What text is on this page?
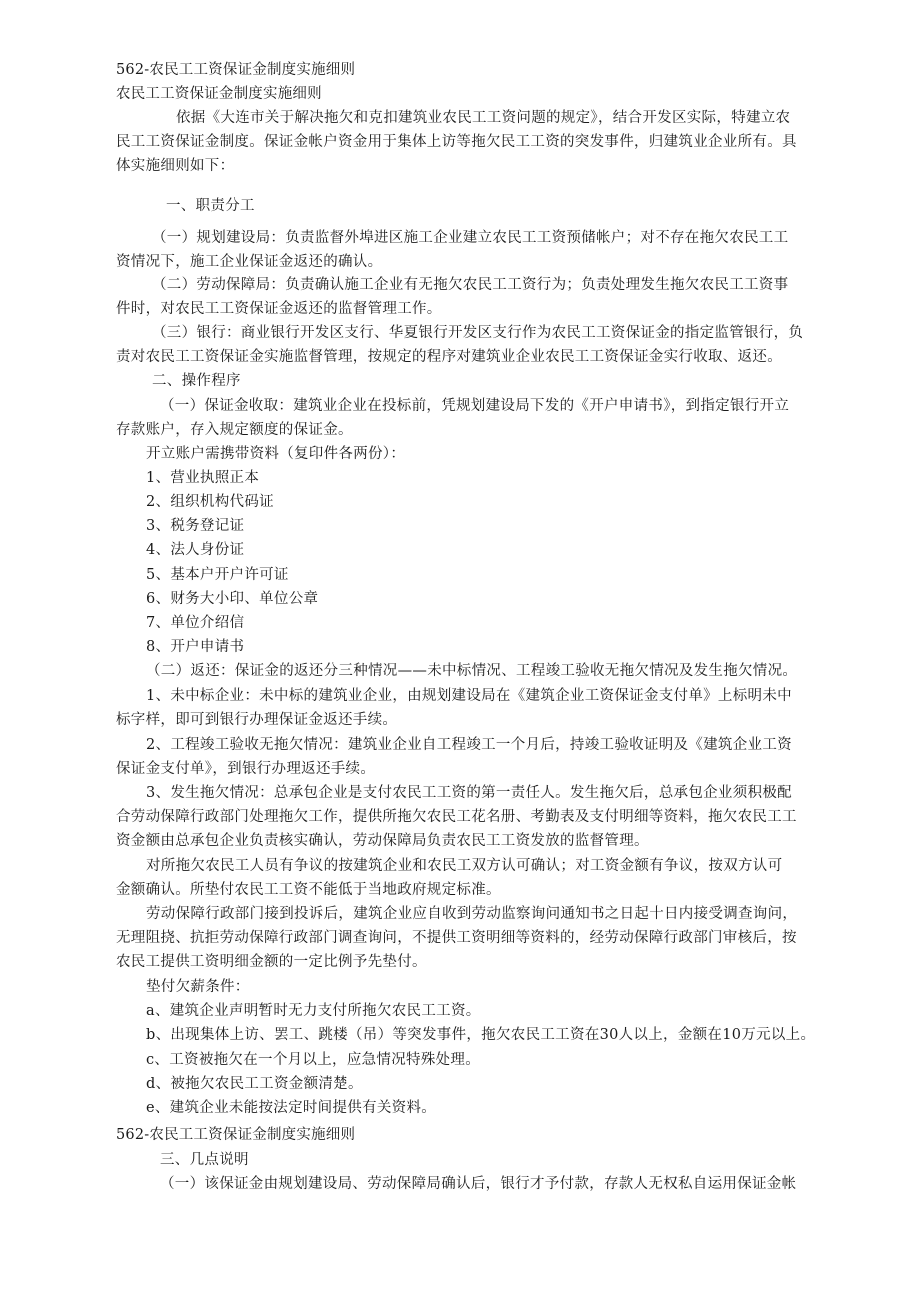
562-农民工工资保证金制度实施细则
农民工工资保证金制度实施细则
依据《大连市关于解决拖欠和克扣建筑业农民工工资问题的规定》，结合开发区实际，特建立农
民工工资保证金制度。保证金帐户资金用于集体上访等拖欠民工工资的突发事件，归建筑业企业所有。具
体实施细则如下：
一、职责分工
（一）规划建设局：负责监督外埠进区施工企业建立农民工工资预储帐户；对不存在拖欠农民工工
资情况下，施工企业保证金返还的确认。
（二）劳动保障局：负责确认施工企业有无拖欠农民工工资行为；负责处理发生拖欠农民工工资事
件时，对农民工工资保证金返还的监督管理工作。
（三）银行：商业银行开发区支行、华夏银行开发区支行作为农民工工资保证金的指定监管银行，负
责对农民工工资保证金实施监督管理，按规定的程序对建筑业企业农民工工资保证金实行收取、返还。
二、操作程序
（一）保证金收取：建筑业企业在投标前，凭规划建设局下发的《开户申请书》，到指定银行开立
存款账户，存入规定额度的保证金。
开立账户需携带资料（复印件各两份）：
1、营业执照正本
2、组织机构代码证
3、税务登记证
4、法人身份证
5、基本户开户许可证
6、财务大小印、单位公章
7、单位介绍信
8、开户申请书
（二）返还：保证金的返还分三种情况——未中标情况、工程竣工验收无拖欠情况及发生拖欠情况。
1、未中标企业：未中标的建筑业企业，由规划建设局在《建筑企业工资保证金支付单》上标明未中
标字样，即可到银行办理保证金返还手续。
2、工程竣工验收无拖欠情况：建筑业企业自工程竣工一个月后，持竣工验收证明及《建筑企业工资
保证金支付单》，到银行办理返还手续。
3、发生拖欠情况：总承包企业是支付农民工工资的第一责任人。发生拖欠后，总承包企业须积极配
合劳动保障行政部门处理拖欠工作，提供所拖欠农民工花名册、考勤表及支付明细等资料，拖欠农民工工
资金额由总承包企业负责核实确认，劳动保障局负责农民工工资发放的监督管理。
对所拖欠农民工人员有争议的按建筑企业和农民工双方认可确认；对工资金额有争议，按双方认可
金额确认。所垫付农民工工资不能低于当地政府规定标准。
劳动保障行政部门接到投诉后，建筑企业应自收到劳动监察询问通知书之日起十日内接受调查询问，
无理阻挠、抗拒劳动保障行政部门调查询问，不提供工资明细等资料的，经劳动保障行政部门审核后，按
农民工提供工资明细金额的一定比例予先垫付。
垫付欠薪条件：
a、建筑企业声明暂时无力支付所拖欠农民工工资。
b、出现集体上访、罢工、跳楼（吊）等突发事件，拖欠农民工工资在30人以上，金额在10万元以上。
c、工资被拖欠在一个月以上，应急情况特殊处理。
d、被拖欠农民工工资金额清楚。
e、建筑企业未能按法定时间提供有关资料。
562-农民工工资保证金制度实施细则
三、几点说明
（一）该保证金由规划建设局、劳动保障局确认后，银行才予付款，存款人无权私自运用保证金帐
